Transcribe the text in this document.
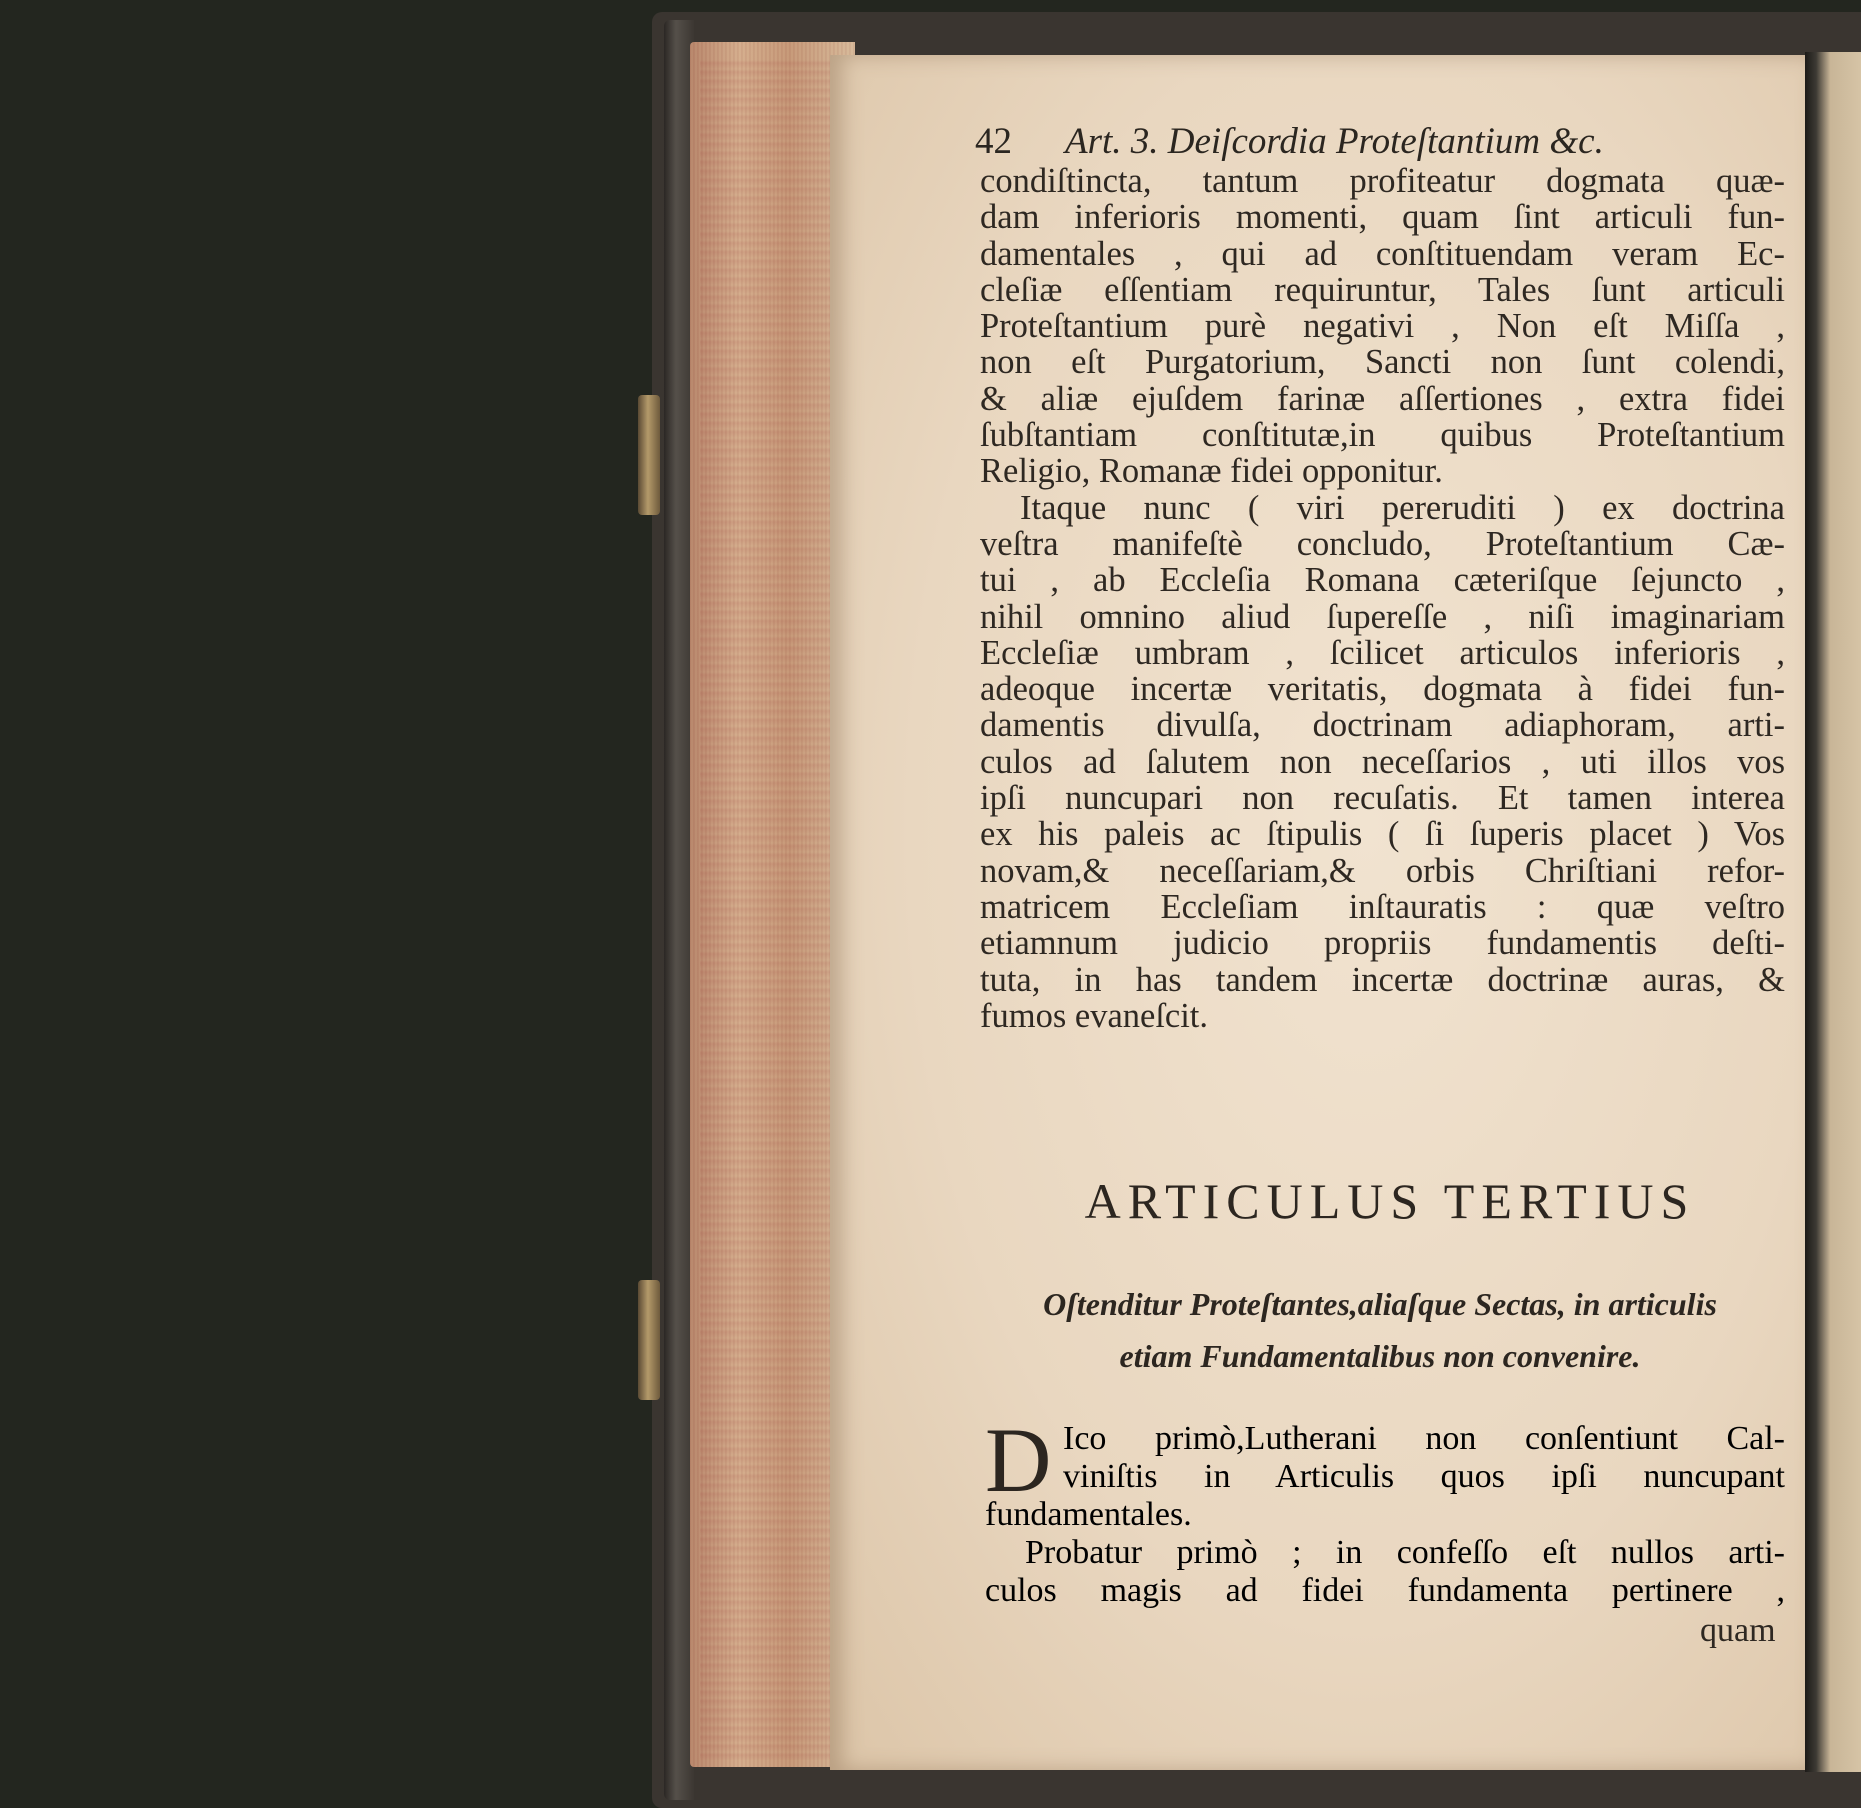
42 Art. 3. Deiſcordia Proteſtantium &c.
condiſtincta, tantum profiteatur dogmata quæ-
dam inferioris momenti, quam ſint articuli fun-
damentales , qui ad conſtituendam veram Ec-
cleſiæ eſſentiam requiruntur, Tales ſunt articuli
Proteſtantium purè negativi , Non eſt Miſſa ,
non eſt Purgatorium, Sancti non ſunt colendi,
& aliæ ejuſdem farinæ aſſertiones , extra fidei
ſubſtantiam conſtitutæ,in quibus Proteſtantium
Religio, Romanæ fidei opponitur.
Itaque nunc ( viri pereruditi ) ex doctrina
veſtra manifeſtè concludo, Proteſtantium Cæ-
tui , ab Eccleſia Romana cæteriſque ſejuncto ,
nihil omnino aliud ſupereſſe , niſi imaginariam
Eccleſiæ umbram , ſcilicet articulos inferioris ,
adeoque incertæ veritatis, dogmata à fidei fun-
damentis divulſa, doctrinam adiaphoram, arti-
culos ad ſalutem non neceſſarios , uti illos vos
ipſi nuncupari non recuſatis. Et tamen interea
ex his paleis ac ſtipulis ( ſi ſuperis placet ) Vos
novam,& neceſſariam,& orbis Chriſtiani refor-
matricem Eccleſiam inſtauratis : quæ veſtro
etiamnum judicio propriis fundamentis deſti-
tuta, in has tandem incertæ doctrinæ auras, &
fumos evaneſcit.
ARTICULUS TERTIUS
Oſtenditur Proteſtantes,aliaſque Sectas, in articulis
etiam Fundamentalibus non convenire.
D Ico primò,Lutherani non conſentiunt Cal-
viniſtis in Articulis quos ipſi nuncupant
fundamentales.
Probatur primò ; in confeſſo eſt nullos arti-
culos magis ad fidei fundamenta pertinere ,
quam
